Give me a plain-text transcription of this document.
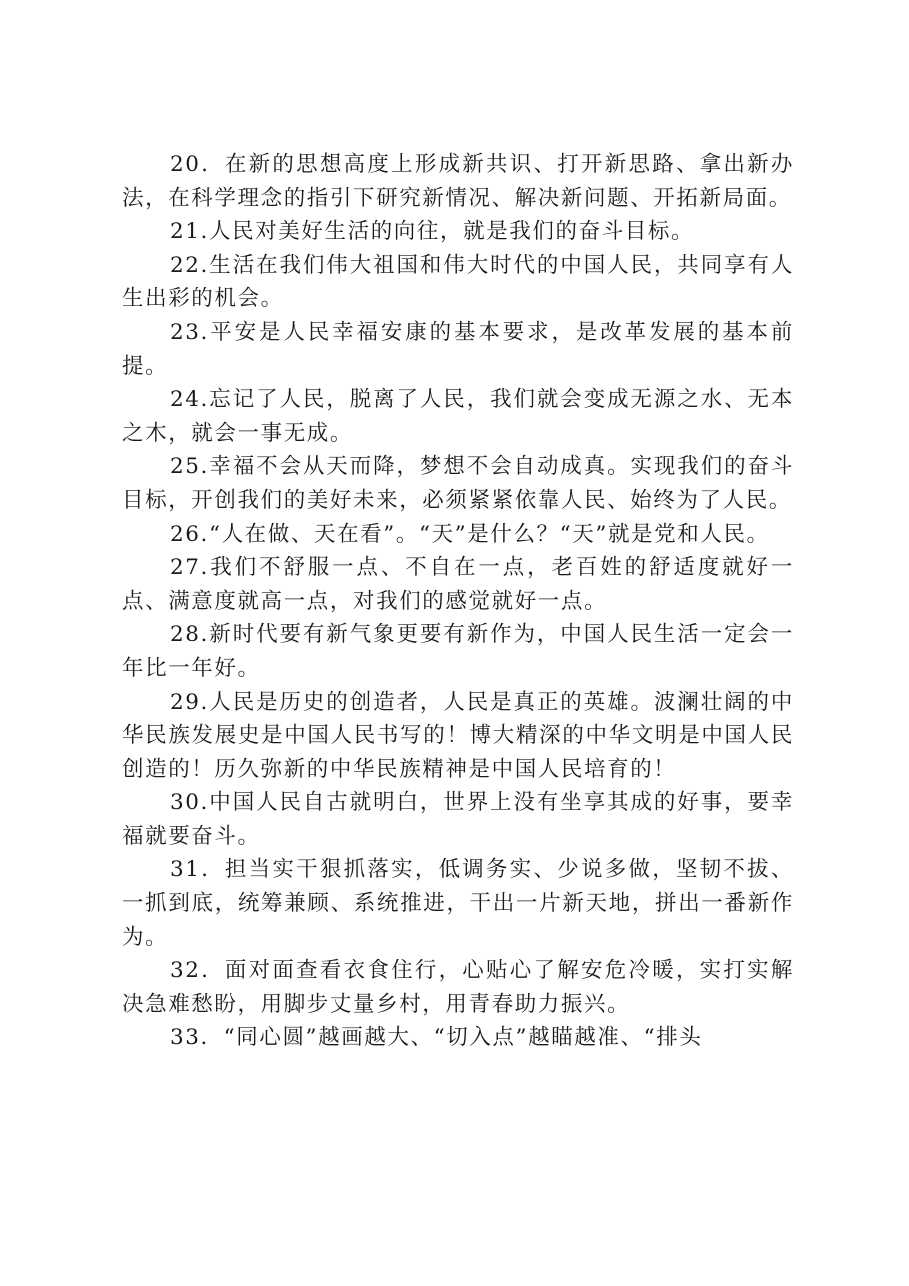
20．在新的思想高度上形成新共识、打开新思路、拿出新办法，在科学理念的指引下研究新情况、解决新问题、开拓新局面。

21.人民对美好生活的向往，就是我们的奋斗目标。

22.生活在我们伟大祖国和伟大时代的中国人民，共同享有人生出彩的机会。

23.平安是人民幸福安康的基本要求，是改革发展的基本前提。

24.忘记了人民，脱离了人民，我们就会变成无源之水、无本之木，就会一事无成。

25.幸福不会从天而降，梦想不会自动成真。实现我们的奋斗目标，开创我们的美好未来，必须紧紧依靠人民、始终为了人民。

26.“人在做、天在看”。“天”是什么？“天”就是党和人民。

27.我们不舒服一点、不自在一点，老百姓的舒适度就好一点、满意度就高一点，对我们的感觉就好一点。

28.新时代要有新气象更要有新作为，中国人民生活一定会一年比一年好。

29.人民是历史的创造者，人民是真正的英雄。波澜壮阔的中华民族发展史是中国人民书写的！博大精深的中华文明是中国人民创造的！历久弥新的中华民族精神是中国人民培育的！

30.中国人民自古就明白，世界上没有坐享其成的好事，要幸福就要奋斗。

31．担当实干狠抓落实，低调务实、少说多做，坚韧不拔、一抓到底，统筹兼顾、系统推进，干出一片新天地，拼出一番新作为。

32．面对面查看衣食住行，心贴心了解安危冷暖，实打实解决急难愁盼，用脚步丈量乡村，用青春助力振兴。

33．“同心圆”越画越大、“切入点”越瞄越准、“排头
